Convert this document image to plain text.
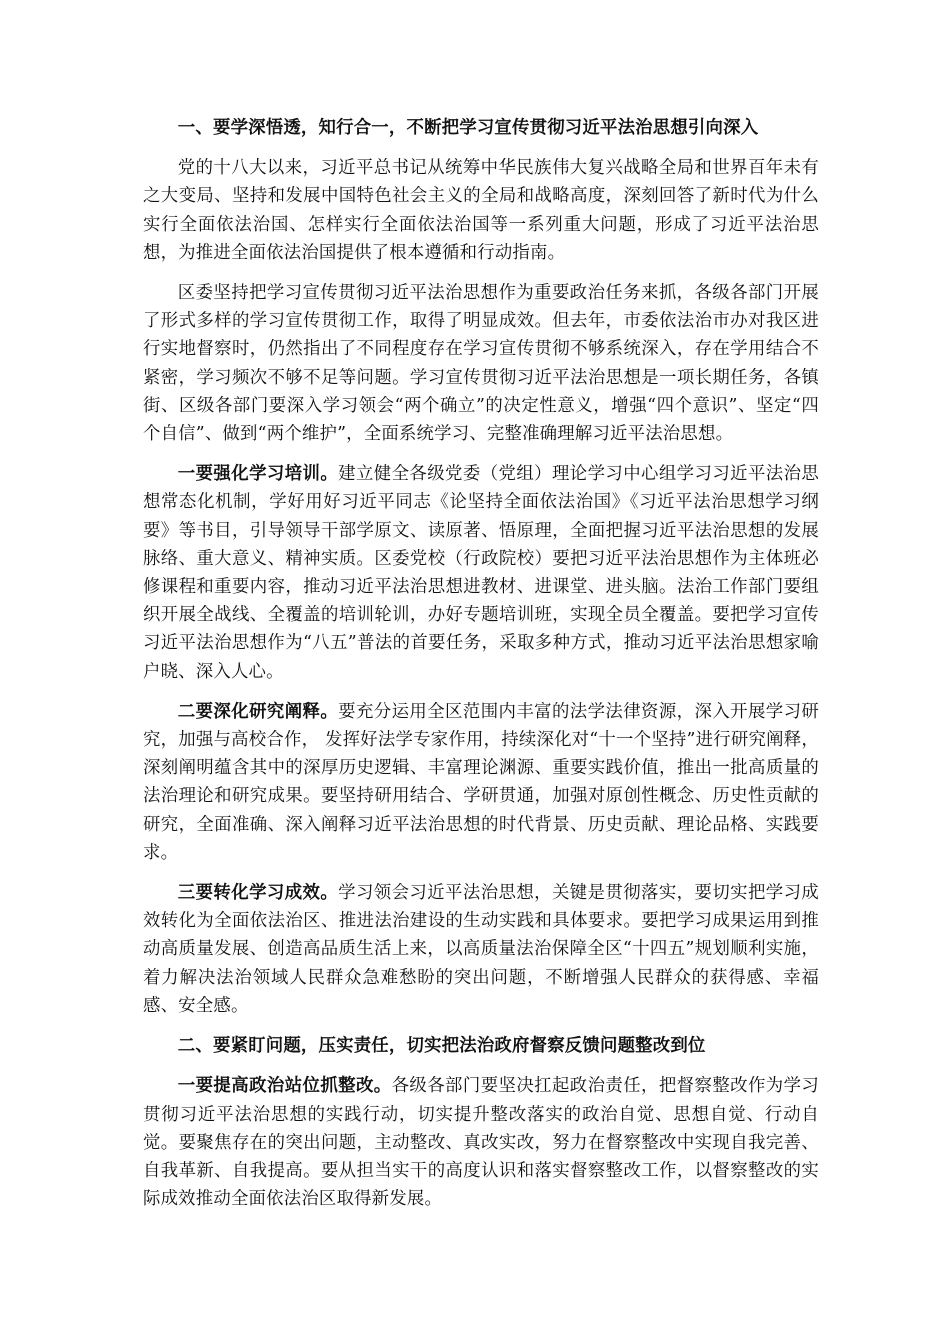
一、要学深悟透，知行合一，不断把学习宣传贯彻习近平法治思想引向深入

党的十八大以来，习近平总书记从统筹中华民族伟大复兴战略全局和世界百年未有之大变局、坚持和发展中国特色社会主义的全局和战略高度，深刻回答了新时代为什么实行全面依法治国、怎样实行全面依法治国等一系列重大问题，形成了习近平法治思想，为推进全面依法治国提供了根本遵循和行动指南。

区委坚持把学习宣传贯彻习近平法治思想作为重要政治任务来抓，各级各部门开展了形式多样的学习宣传贯彻工作，取得了明显成效。但去年，市委依法治市办对我区进行实地督察时，仍然指出了不同程度存在学习宣传贯彻不够系统深入，存在学用结合不紧密，学习频次不够不足等问题。学习宣传贯彻习近平法治思想是一项长期任务，各镇街、区级各部门要深入学习领会“两个确立”的决定性意义，增强“四个意识”、坚定“四个自信”、做到“两个维护”，全面系统学习、完整准确理解习近平法治思想。

一要强化学习培训。建立健全各级党委（党组）理论学习中心组学习习近平法治思想常态化机制，学好用好习近平同志《论坚持全面依法治国》《习近平法治思想学习纲要》等书目，引导领导干部学原文、读原著、悟原理，全面把握习近平法治思想的发展脉络、重大意义、精神实质。区委党校（行政院校）要把习近平法治思想作为主体班必修课程和重要内容，推动习近平法治思想进教材、进课堂、进头脑。法治工作部门要组织开展全战线、全覆盖的培训轮训，办好专题培训班，实现全员全覆盖。要把学习宣传习近平法治思想作为“八五”普法的首要任务，采取多种方式，推动习近平法治思想家喻户晓、深入人心。

二要深化研究阐释。要充分运用全区范围内丰富的法学法律资源，深入开展学习研究，加强与高校合作， 发挥好法学专家作用，持续深化对“十一个坚持”进行研究阐释，深刻阐明蕴含其中的深厚历史逻辑、丰富理论渊源、重要实践价值，推出一批高质量的法治理论和研究成果。要坚持研用结合、学研贯通，加强对原创性概念、历史性贡献的研究，全面准确、深入阐释习近平法治思想的时代背景、历史贡献、理论品格、实践要求。

三要转化学习成效。学习领会习近平法治思想，关键是贯彻落实，要切实把学习成效转化为全面依法治区、推进法治建设的生动实践和具体要求。要把学习成果运用到推动高质量发展、创造高品质生活上来，以高质量法治保障全区“十四五”规划顺利实施，着力解决法治领域人民群众急难愁盼的突出问题，不断增强人民群众的获得感、幸福感、安全感。

二、要紧盯问题，压实责任，切实把法治政府督察反馈问题整改到位

一要提高政治站位抓整改。各级各部门要坚决扛起政治责任，把督察整改作为学习贯彻习近平法治思想的实践行动，切实提升整改落实的政治自觉、思想自觉、行动自觉。要聚焦存在的突出问题，主动整改、真改实改，努力在督察整改中实现自我完善、自我革新、自我提高。要从担当实干的高度认识和落实督察整改工作，以督察整改的实际成效推动全面依法治区取得新发展。
